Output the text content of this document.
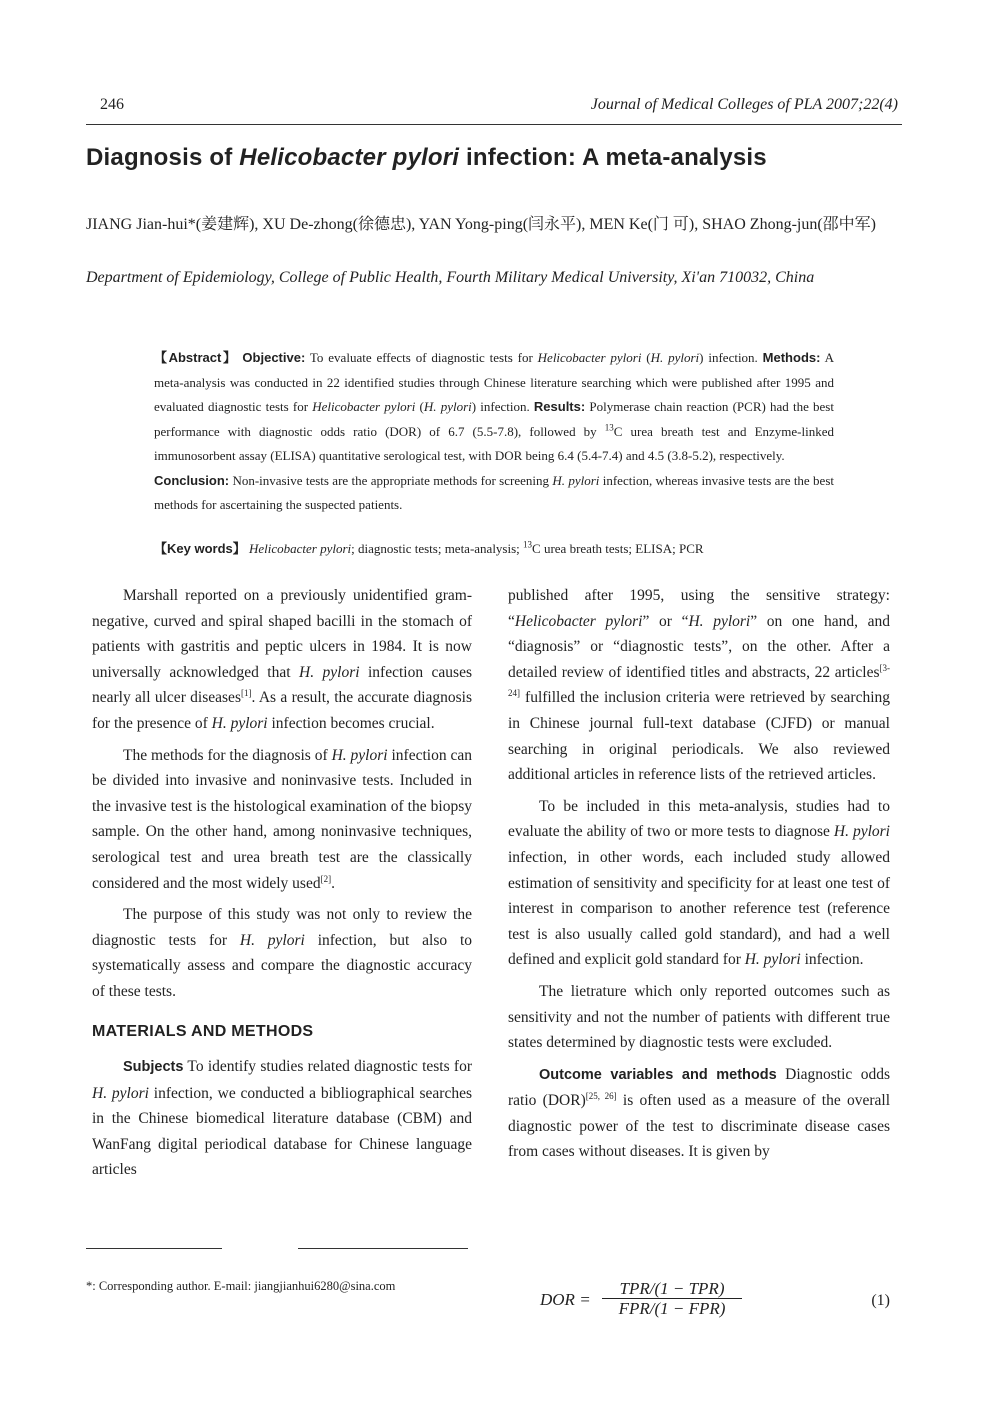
246	Journal of Medical Colleges of PLA 2007;22(4)
Diagnosis of Helicobacter pylori infection: A meta-analysis
JIANG Jian-hui*(姜建辉), XU De-zhong(徐德忠), YAN Yong-ping(闫永平), MEN Ke(门 可), SHAO Zhong-jun(邵中军)
Department of Epidemiology, College of Public Health, Fourth Military Medical University, Xi'an 710032, China
【Abstract】 Objective: To evaluate effects of diagnostic tests for Helicobacter pylori (H. pylori) infection. Methods: A meta-analysis was conducted in 22 identified studies through Chinese literature searching which were published after 1995 and evaluated diagnostic tests for Helicobacter pylori (H. pylori) infection. Results: Polymerase chain reaction (PCR) had the best performance with diagnostic odds ratio (DOR) of 6.7 (5.5-7.8), followed by $^{13}$C urea breath test and Enzyme-linked immunosorbent assay (ELISA) quantitative serological test, with DOR being 6.4 (5.4-7.4) and 4.5 (3.8-5.2), respectively.
Conclusion: Non-invasive tests are the appropriate methods for screening H. pylori infection, whereas invasive tests are the best methods for ascertaining the suspected patients.
【Key words】 Helicobacter pylori; diagnostic tests; meta-analysis; $^{13}$C urea breath tests; ELISA; PCR

Marshall reported on a previously unidentified gram-negative, curved and spiral shaped bacilli in the stomach of patients with gastritis and peptic ulcers in 1984. It is now universally acknowledged that H. pylori infection causes nearly all ulcer diseases[1]. As a result, the accurate diagnosis for the presence of H. pylori infection becomes crucial.

The methods for the diagnosis of H. pylori infection can be divided into invasive and noninvasive tests. Included in the invasive test is the histological examination of the biopsy sample. On the other hand, among noninvasive techniques, serological test and urea breath test are the classically considered and the most widely used[2].

The purpose of this study was not only to review the diagnostic tests for H. pylori infection, but also to systematically assess and compare the diagnostic accuracy of these tests.

MATERIALS AND METHODS

Subjects To identify studies related diagnostic tests for H. pylori infection, we conducted a bibliographical searches in the Chinese biomedical literature database (CBM) and WanFang digital periodical database for Chinese language articles

published after 1995, using the sensitive strategy: “Helicobacter pylori” or “H. pylori” on one hand, and “diagnosis” or “diagnostic tests”, on the other. After a detailed review of identified titles and abstracts, 22 articles[3-24] fulfilled the inclusion criteria were retrieved by searching in Chinese journal full-text database (CJFD) or manual searching in original periodicals. We also reviewed additional articles in reference lists of the retrieved articles.

To be included in this meta-analysis, studies had to evaluate the ability of two or more tests to diagnose H. pylori infection, in other words, each included study allowed estimation of sensitivity and specificity for at least one test of interest in comparison to another reference test (reference test is also usually called gold standard), and had a well defined and explicit gold standard for H. pylori infection.

The lietrature which only reported outcomes such as sensitivity and not the number of patients with different true states determined by diagnostic tests were excluded.

Outcome variables and methods Diagnostic odds ratio (DOR)[25, 26] is often used as a measure of the overall diagnostic power of the test to discriminate disease cases from cases without diseases. It is given by

*: Corresponding author. E-mail: jiangjianhui6280@sina.com
DOR =
TPR/(1 − TPR)
FPR/(1 − FPR)	(1)
